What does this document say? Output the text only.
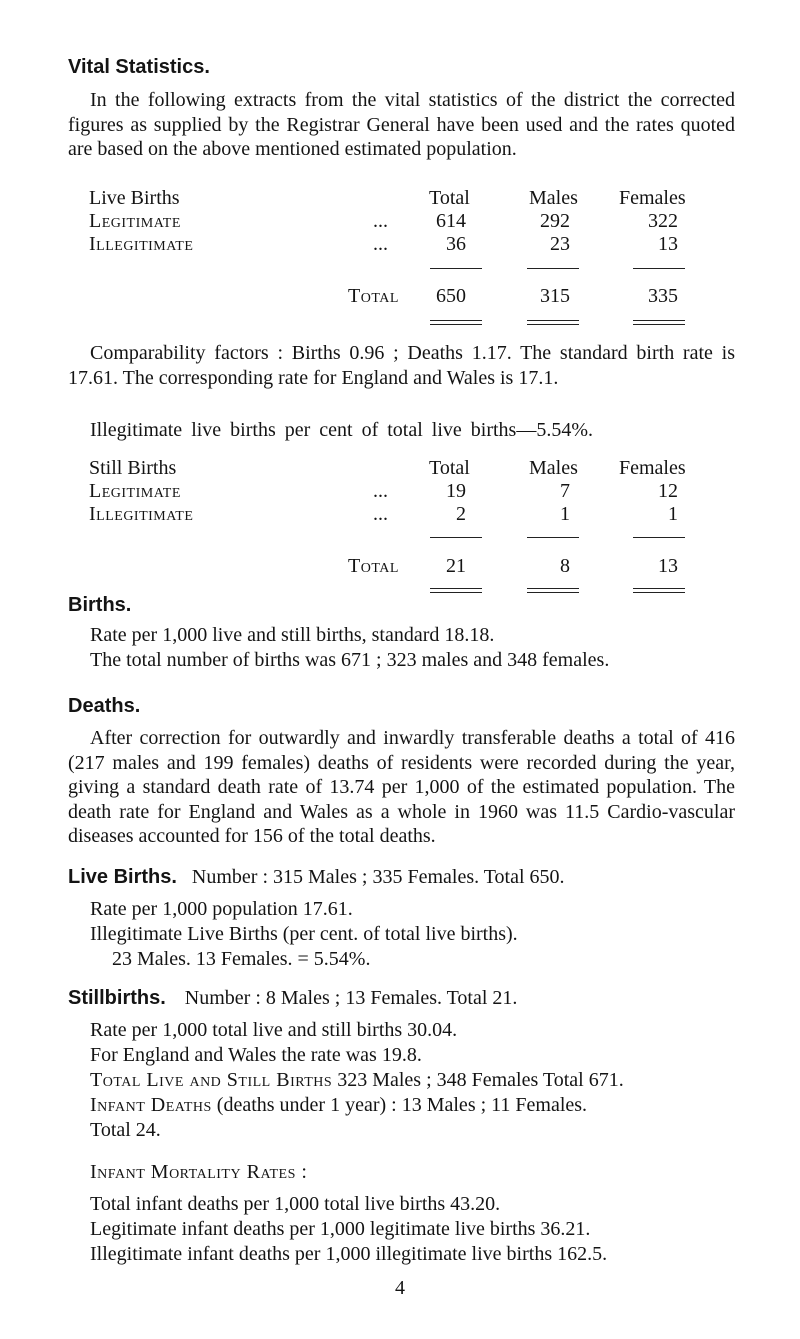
Vital Statistics.

In the following extracts from the vital statistics of the district the corrected figures as supplied by the Registrar General have been used and the rates quoted are based on the above mentioned estimated population.

Live Births	Total	Males Females
Legitimate	... 614	292	322
Illegitimate	...	36	23	13
Total 650	315	335

Comparability factors : Births 0.96 ; Deaths 1.17. The standard birth rate is 17.61. The corresponding rate for England and Wales is 17.1.

Illegitimate live births per cent of total live births—5.54%.

Still Births	Total	Males Females
Legitimate	...	19	7	12
Illegitimate	...	2	1	1
Total 21	8	13
Births.

Rate per 1,000 live and still births, standard 18.18.

The total number of births was 671 ; 323 males and 348 females.

Deaths.

After correction for outwardly and inwardly transferable deaths a total of 416 (217 males and 199 females) deaths of residents were recorded during the year, giving a standard death rate of 13.74 per 1,000 of the estimated population. The death rate for England and Wales as a whole in 1960 was 11.5 Cardio-vascular diseases accounted for 156 of the total deaths.

Live Births. Number : 315 Males ; 335 Females. Total 650.

Rate per 1,000 population 17.61.

Illegitimate Live Births (per cent. of total live births).

23 Males. 13 Females. = 5.54%.

Stillbirths. Number : 8 Males ; 13 Females. Total 21.

Rate per 1,000 total live and still births 30.04.

For England and Wales the rate was 19.8.

Total Live and Still Births 323 Males ; 348 Females Total 671.
Infant Deaths (deaths under 1 year) : 13 Males ; 11 Females.

Total 24.

Infant Mortality Rates :

Total infant deaths per 1,000 total live births 43.20.

Legitimate infant deaths per 1,000 legitimate live births 36.21.

Illegitimate infant deaths per 1,000 illegitimate live births 162.5.

4
